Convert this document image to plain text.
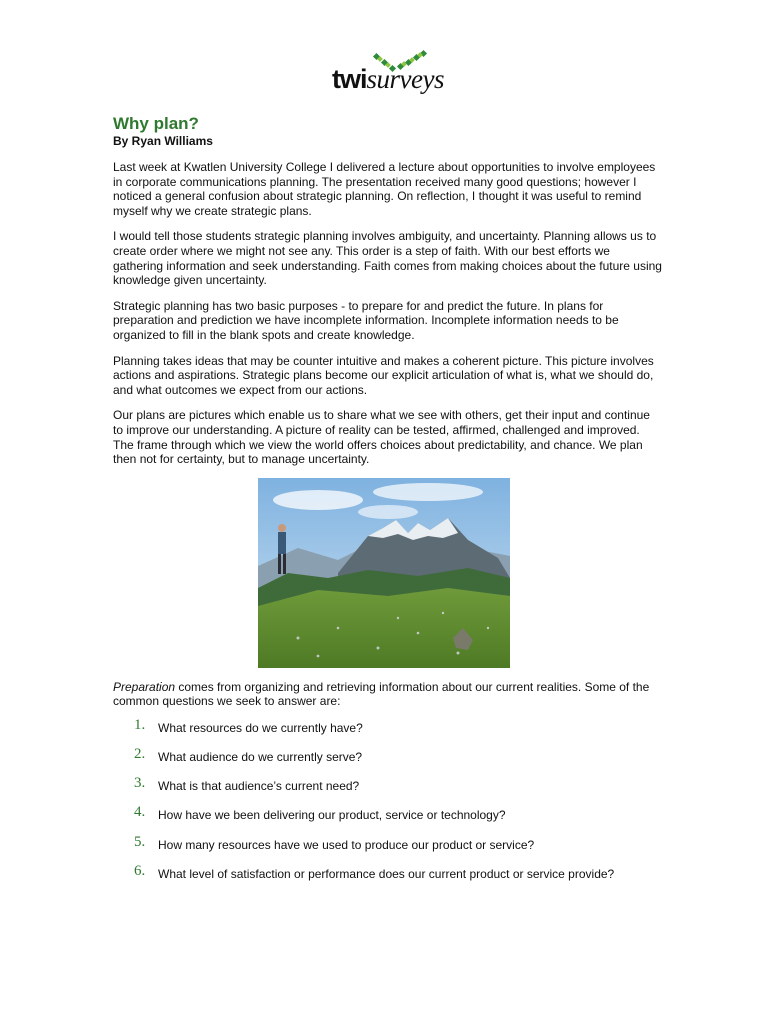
twisurveys
Why plan?
By Ryan Williams

Last week at Kwatlen University College I delivered a lecture about opportunities to involve employees in corporate communications planning. The presentation received many good questions; however I noticed a general confusion about strategic planning. On reflection, I thought it was useful to remind myself why we create strategic plans.

I would tell those students strategic planning involves ambiguity, and uncertainty. Planning allows us to create order where we might not see any. This order is a step of faith. With our best efforts we gathering information and seek understanding. Faith comes from making choices about the future using knowledge given uncertainty.

Strategic planning has two basic purposes - to prepare for and predict the future. In plans for preparation and prediction we have incomplete information. Incomplete information needs to be organized to fill in the blank spots and create knowledge.

Planning takes ideas that may be counter intuitive and makes a coherent picture. This picture involves actions and aspirations. Strategic plans become our explicit articulation of what is, what we should do, and what outcomes we expect from our actions.

Our plans are pictures which enable us to share what we see with others, get their input and continue to improve our understanding. A picture of reality can be tested, affirmed, challenged and improved. The frame through which we view the world offers choices about predictability, and chance. We plan then not for certainty, but to manage uncertainty.

Preparation comes from organizing and retrieving information about our current realities. Some of the common questions we seek to answer are:

1. What resources do we currently have?
2. What audience do we currently serve?
3. What is that audience’s current need?
4. How have we been delivering our product, service or technology?
5. How many resources have we used to produce our product or service?
6. What level of satisfaction or performance does our current product or service provide?
